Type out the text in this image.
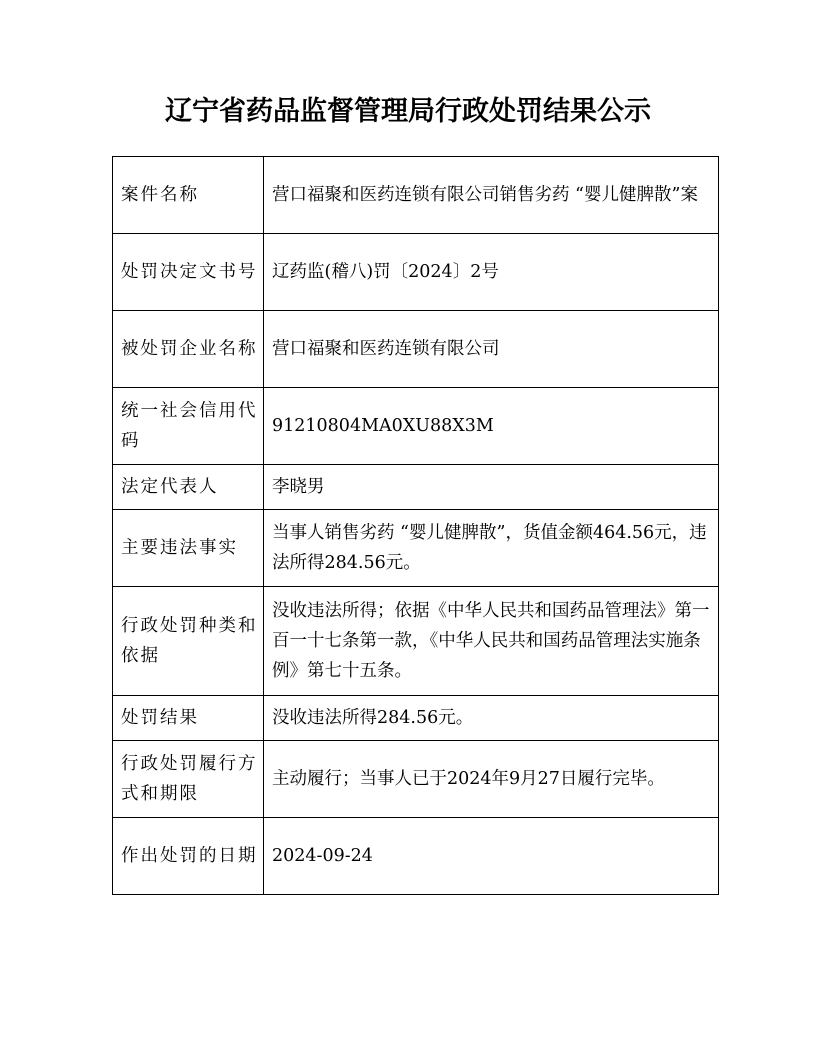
辽宁省药品监督管理局行政处罚结果公示
案件名称	营口福聚和医药连锁有限公司销售劣药 “婴儿健脾散”案
处罚决定文书号	辽药监(稽八)罚〔2024〕2号
被处罚企业名称	营口福聚和医药连锁有限公司
统一社会信用代码	91210804MA0XU88X3M
法定代表人	李晓男
主要违法事实	当事人销售劣药 “婴儿健脾散”，货值金额464.56元，违法所得284.56元。
行政处罚种类和依据	没收违法所得；依据《中华人民共和国药品管理法》第一百一十七条第一款，《中华人民共和国药品管理法实施条例》第七十五条。
处罚结果	没收违法所得284.56元。
行政处罚履行方式和期限	主动履行；当事人已于2024年9月27日履行完毕。
作出处罚的日期	2024-09-24
